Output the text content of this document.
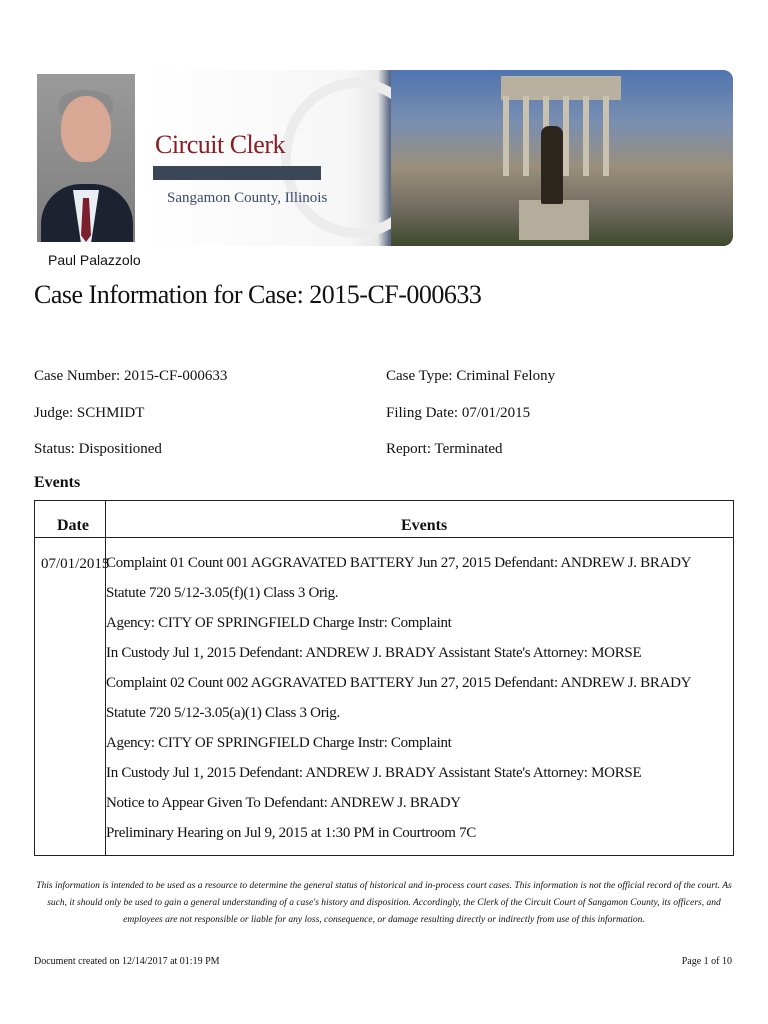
Circuit Clerk
Sangamon County, Illinois
Paul Palazzolo
Case Information for Case: 2015-CF-000633
Case Number: 2015-CF-000633	Case Type: Criminal Felony
Judge: SCHMIDT	Filing Date: 07/01/2015
Status: Dispositioned	Report: Terminated
Events
Date	Events
07/01/2015
Complaint 01 Count 001 AGGRAVATED BATTERY Jun 27, 2015 Defendant: ANDREW J. BRADY
Statute 720 5/12-3.05(f)(1) Class 3 Orig.
Agency: CITY OF SPRINGFIELD Charge Instr: Complaint
In Custody Jul 1, 2015 Defendant: ANDREW J. BRADY Assistant State's Attorney: MORSE
Complaint 02 Count 002 AGGRAVATED BATTERY Jun 27, 2015 Defendant: ANDREW J. BRADY
Statute 720 5/12-3.05(a)(1) Class 3 Orig.
Agency: CITY OF SPRINGFIELD Charge Instr: Complaint
In Custody Jul 1, 2015 Defendant: ANDREW J. BRADY Assistant State's Attorney: MORSE
Notice to Appear Given To Defendant: ANDREW J. BRADY
Preliminary Hearing on Jul 9, 2015 at 1:30 PM in Courtroom 7C
This information is intended to be used as a resource to determine the general status of historical and in-process court cases. This information is not the official record of the court. As such, it should only be used to gain a general understanding of a case's history and disposition. Accordingly, the Clerk of the Circuit Court of Sangamon County, its officers, and employees are not responsible or liable for any loss, consequence, or damage resulting directly or indirectly from use of this information.
Document created on 12/14/2017 at 01:19 PM	Page 1 of 10
